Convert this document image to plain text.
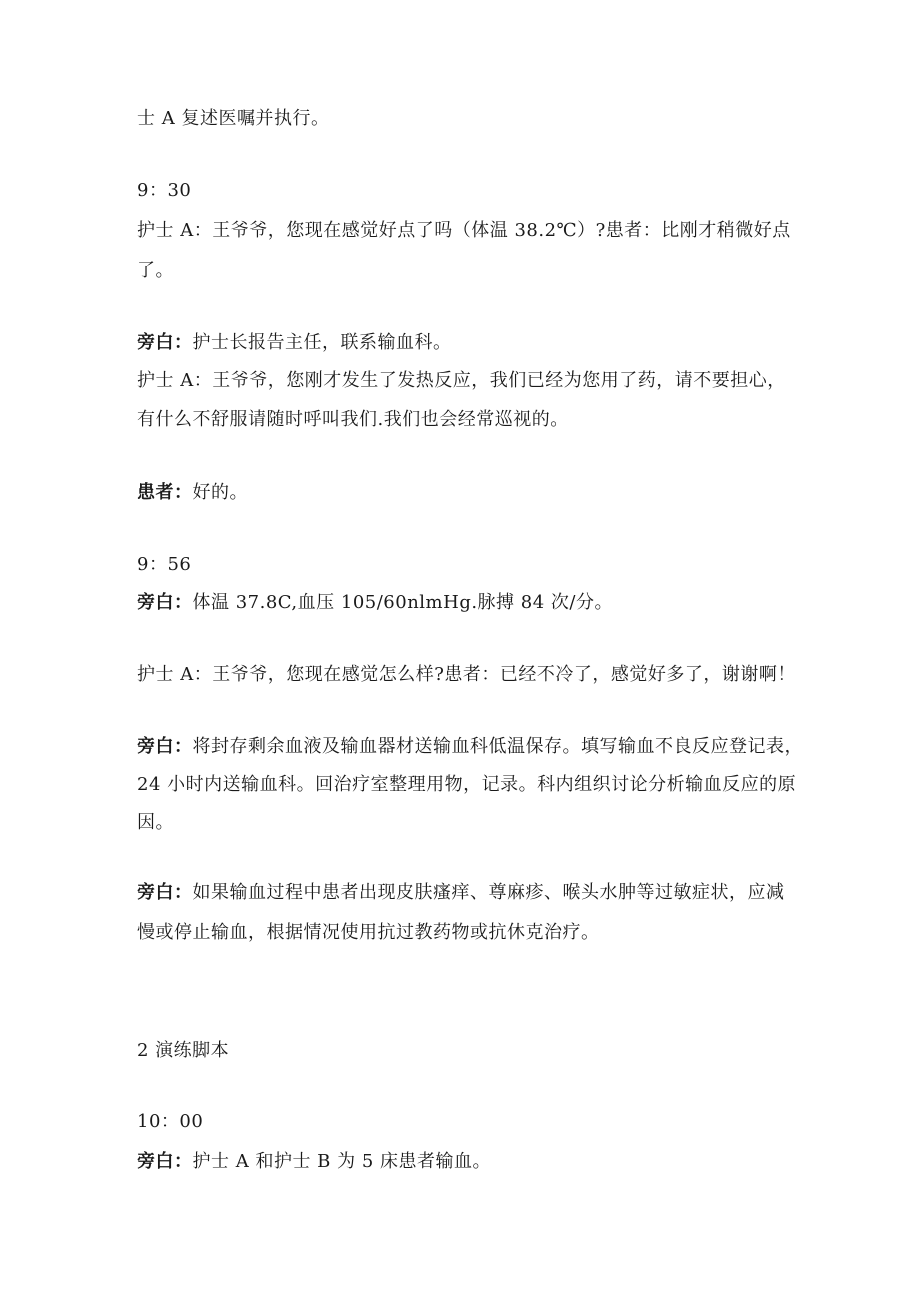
士 A 复述医嘱并执行。
9：30
护士 A：王爷爷，您现在感觉好点了吗（体温 38.2℃）?患者：比刚才稍微好点
了。
旁白：护士长报告主任，联系输血科。
护士 A：王爷爷，您刚才发生了发热反应，我们已经为您用了药，请不要担心，
有什么不舒服请随时呼叫我们.我们也会经常巡视的。
患者：好的。
9：56
旁白：体温 37.8C,血压 105/60nlmHg.脉搏 84 次/分。
护士 A：王爷爷，您现在感觉怎么样?患者：已经不冷了，感觉好多了，谢谢啊！
旁白：将封存剩余血液及输血器材送输血科低温保存。填写输血不良反应登记表，
24 小时内送输血科。回治疗室整理用物，记录。科内组织讨论分析输血反应的原
因。
旁白：如果输血过程中患者出现皮肤瘙痒、尊麻疹、喉头水肿等过敏症状，应减
慢或停止输血，根据情况使用抗过教药物或抗休克治疗。
2 演练脚本
10：00
旁白：护士 A 和护士 B 为 5 床患者输血。
